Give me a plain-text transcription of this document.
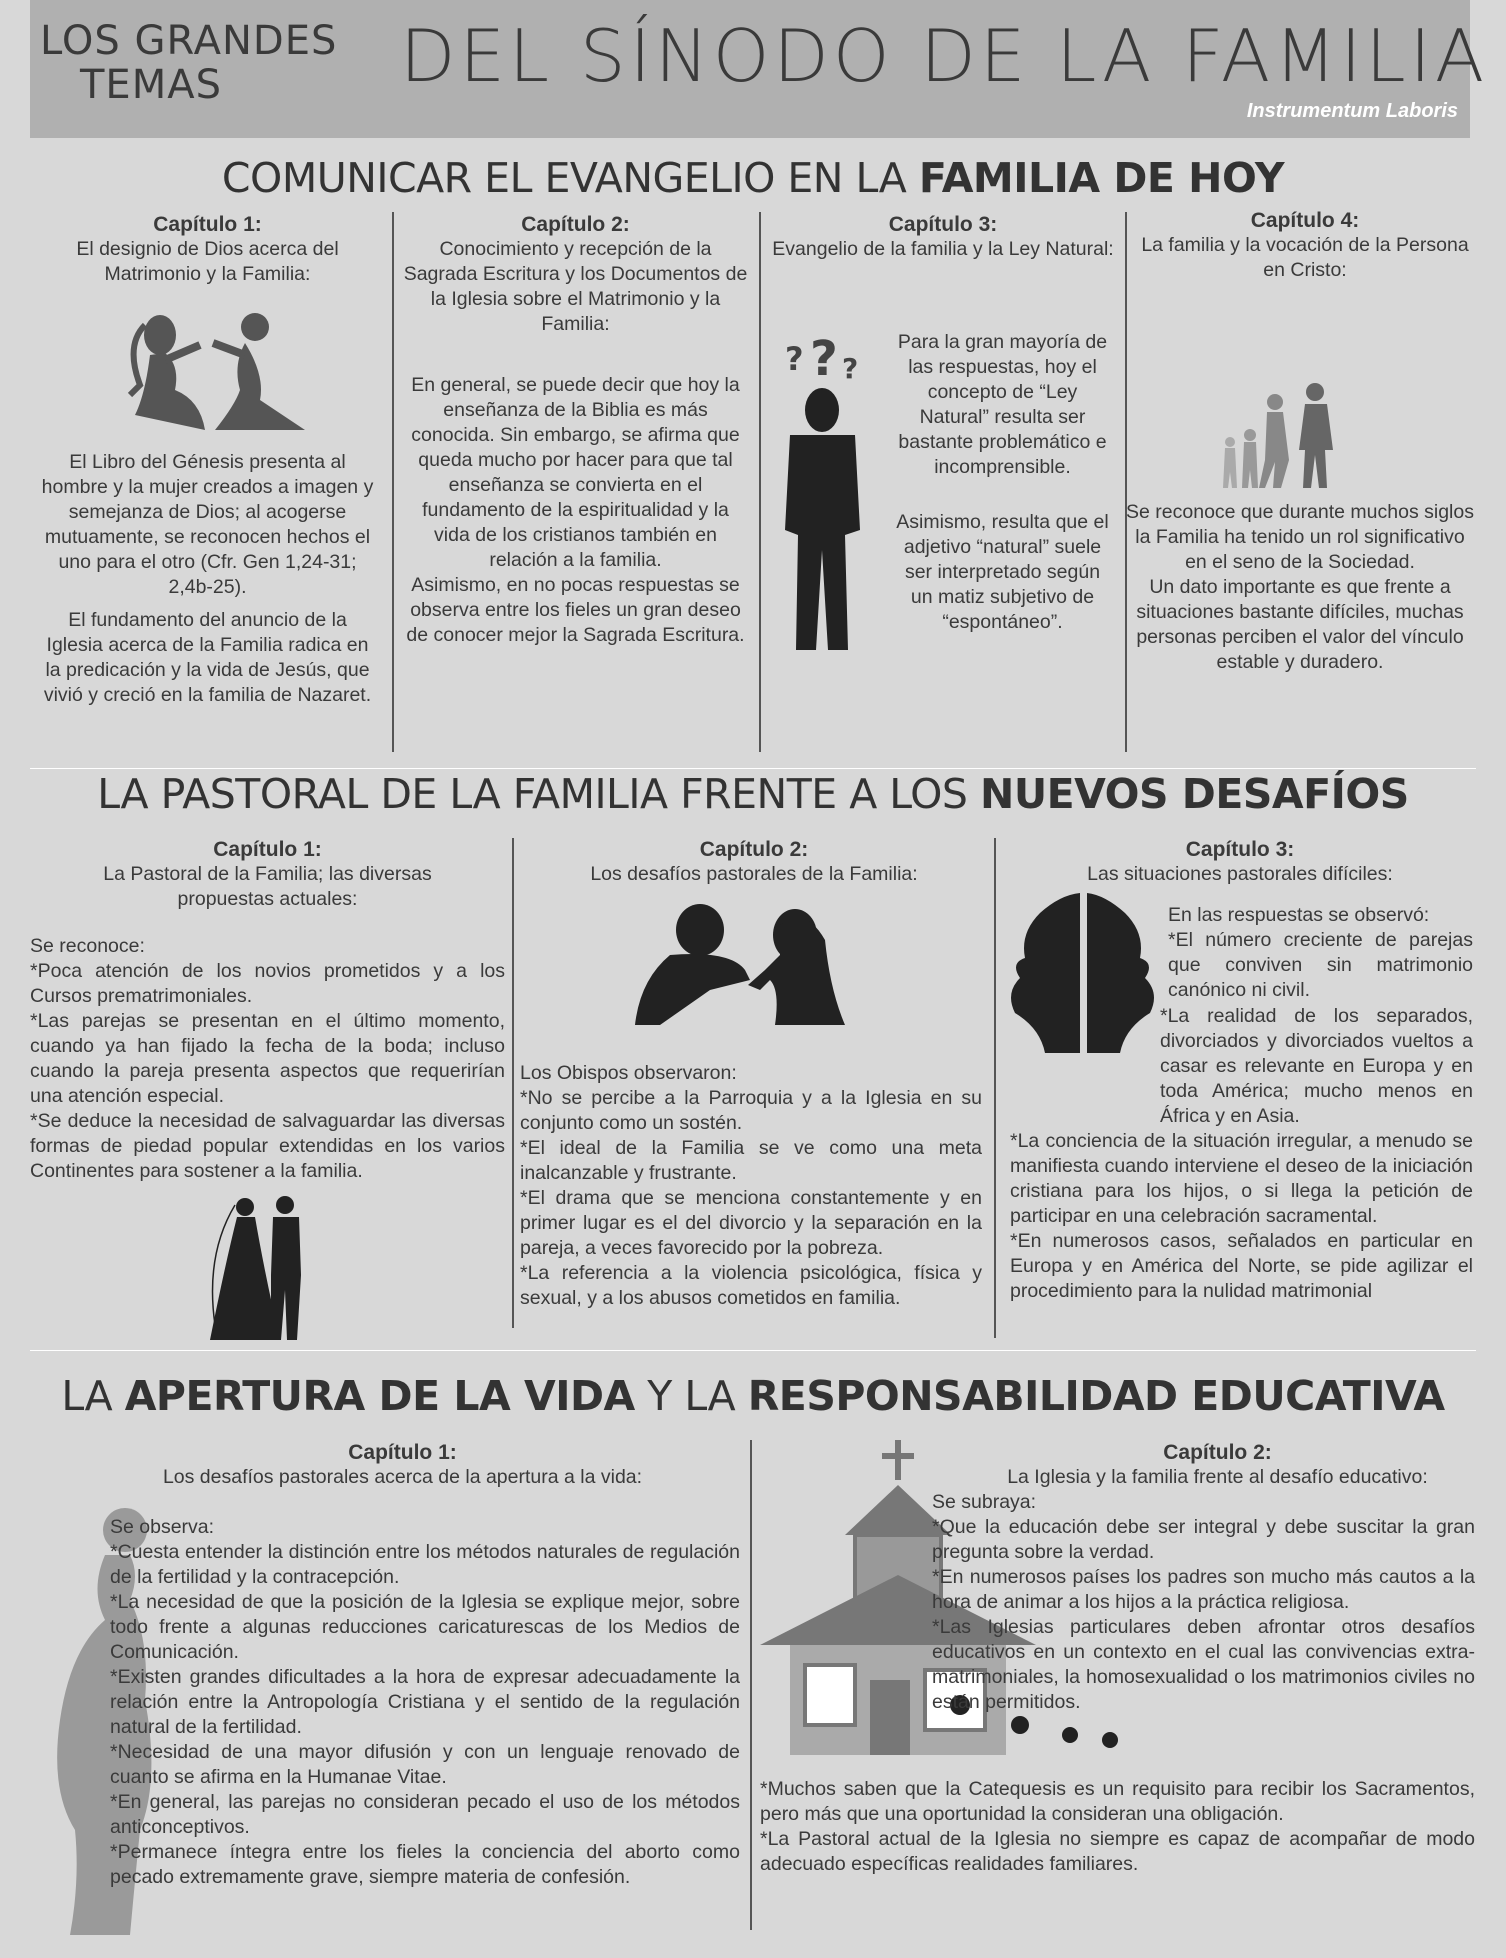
LOS GRANDES
TEMAS DEL SÍNODO DE LA FAMILIA
Instrumentum Laboris
COMUNICAR EL EVANGELIO EN LA FAMILIA DE HOY
Capítulo 1:
El designio de Dios acerca del Matrimonio y la Familia:
El Libro del Génesis presenta al hombre y la mujer creados a imagen y semejanza de Dios; al acogerse mutuamente, se reconocen hechos el uno para el otro (Cfr. Gen 1,24-31; 2,4b-25).
El fundamento del anuncio de la Iglesia acerca de la Familia radica en la predicación y la vida de Jesús, que vivió y creció en la familia de Nazaret.
Capítulo 2:
Conocimiento y recepción de la Sagrada Escritura y los Documentos de la Iglesia sobre el Matrimonio y la Familia:
En general, se puede decir que hoy la enseñanza de la Biblia es más conocida. Sin embargo, se afirma que queda mucho por hacer para que tal enseñanza se convierta en el fundamento de la espiritualidad y la vida de los cristianos también en relación a la familia.
Asimismo, en no pocas respuestas se observa entre los fieles un gran deseo de conocer mejor la Sagrada Escritura.
Capítulo 3:
Evangelio de la familia y la Ley Natural:
?
? ?
Para la gran mayoría de las respuestas, hoy el concepto de “Ley Natural” resulta ser bastante problemático e incomprensible.
Asimismo, resulta que el adjetivo “natural” suele ser interpretado según un matiz subjetivo de “espontáneo”.
Capítulo 4:
La familia y la vocación de la Persona en Cristo:
Se reconoce que durante muchos siglos la Familia ha tenido un rol significativo en el seno de la Sociedad.
Un dato importante es que frente a situaciones bastante difíciles, muchas personas perciben el valor del vínculo estable y duradero.
LA PASTORAL DE LA FAMILIA FRENTE A LOS NUEVOS DESAFÍOS
Capítulo 1:
La Pastoral de la Familia; las diversas propuestas actuales:
Se reconoce:
*Poca atención de los novios prometidos y a los Cursos prematrimoniales.
*Las parejas se presentan en el último momento, cuando ya han fijado la fecha de la boda; incluso cuando la pareja presenta aspectos que requerirían una atención especial.
*Se deduce la necesidad de salvaguardar las diversas formas de piedad popular extendidas en los varios Continentes para sostener a la familia.
Capítulo 2:
Los desafíos pastorales de la Familia:
Los Obispos observaron:
*No se percibe a la Parroquia y a la Iglesia en su conjunto como un sostén.
*El ideal de la Familia se ve como una meta inalcanzable y frustrante.
*El drama que se menciona constantemente y en primer lugar es el del divorcio y la separación en la pareja, a veces favorecido por la pobreza.
*La referencia a la violencia psicológica, física y sexual, y a los abusos cometidos en familia.
Capítulo 3:
Las situaciones pastorales difíciles:
En las respuestas se observó:
*El número creciente de parejas que conviven sin matrimonio canónico ni civil.
*La realidad de los separados, divorciados y divorciados vueltos a casar es relevante en Europa y en toda América; mucho menos en África y en Asia.
*La conciencia de la situación irregular, a menudo se manifiesta cuando interviene el deseo de la iniciación cristiana para los hijos, o si llega la petición de participar en una celebración sacramental.
*En numerosos casos, señalados en particular en Europa y en América del Norte, se pide agilizar el procedimiento para la nulidad matrimonial
LA APERTURA DE LA VIDA Y LA RESPONSABILIDAD EDUCATIVA
Capítulo 1:
Los desafíos pastorales acerca de la apertura a la vida:
Se observa:
*Cuesta entender la distinción entre los métodos naturales de regulación de la fertilidad y la contracepción.
*La necesidad de que la posición de la Iglesia se explique mejor, sobre todo frente a algunas reducciones caricaturescas de los Medios de Comunicación.
*Existen grandes dificultades a la hora de expresar adecuadamente la relación entre la Antropología Cristiana y el sentido de la regulación natural de la fertilidad.
*Necesidad de una mayor difusión y con un lenguaje renovado de cuanto se afirma en la Humanae Vitae.
*En general, las parejas no consideran pecado el uso de los métodos anticonceptivos.
*Permanece íntegra entre los fieles la conciencia del aborto como pecado extremamente grave, siempre materia de confesión.
Capítulo 2:
La Iglesia y la familia frente al desafío educativo:
Se subraya:
*Que la educación debe ser integral y debe suscitar la gran pregunta sobre la verdad.
*En numerosos países los padres son mucho más cautos a la hora de animar a los hijos a la práctica religiosa.
*Las Iglesias particulares deben afrontar otros desafíos educativos en un contexto en el cual las convivencias extra-matrimoniales, la homosexualidad o los matrimonios civiles no están permitidos.
*Muchos saben que la Catequesis es un requisito para recibir los Sacramentos, pero más que una oportunidad la consideran una obligación.
*La Pastoral actual de la Iglesia no siempre es capaz de acompañar de modo adecuado específicas realidades familiares.
